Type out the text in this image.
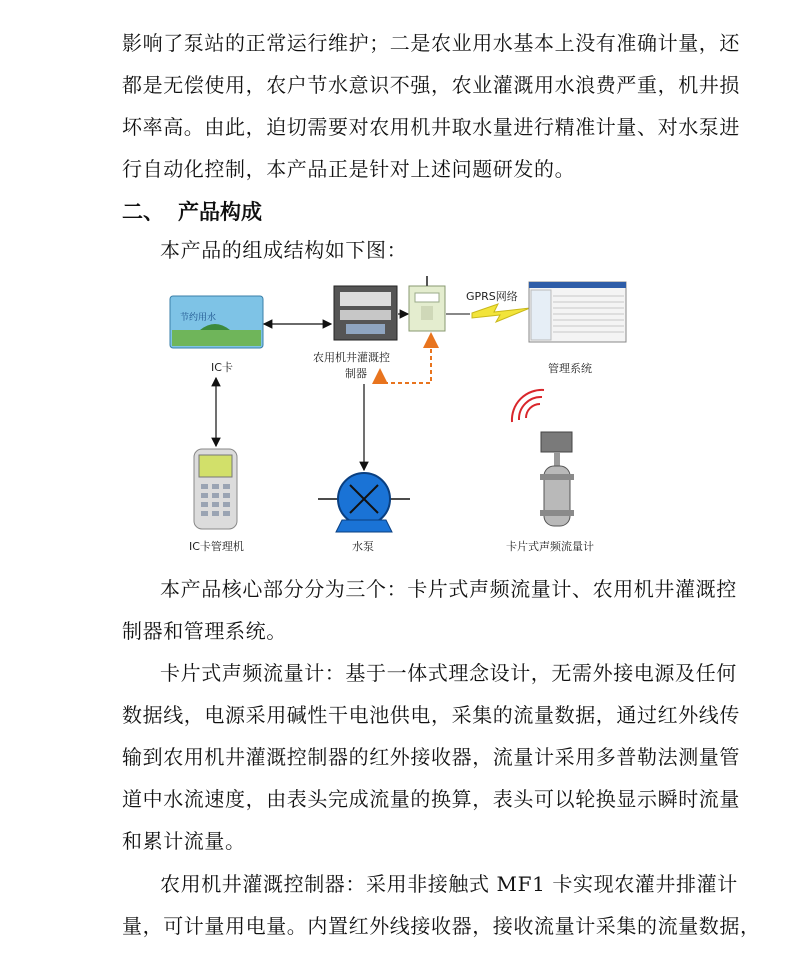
影响了泵站的正常运行维护；二是农业用水基本上没有准确计量，还
都是无偿使用，农户节水意识不强，农业灌溉用水浪费严重，机井损
坏率高。由此，迫切需要对农用机井取水量进行精准计量、对水泵进
行自动化控制，本产品正是针对上述问题研发的。
二、 产品构成
本产品的组成结构如下图：
节约用水
IC卡
农用机井灌溉控
制器
GPRS网络
管理系统
IC卡管理机	水泵	卡片式声频流量计
本产品核心部分分为三个：卡片式声频流量计、农用机井灌溉控
制器和管理系统。
卡片式声频流量计：基于一体式理念设计，无需外接电源及任何
数据线，电源采用碱性干电池供电，采集的流量数据，通过红外线传
输到农用机井灌溉控制器的红外接收器，流量计采用多普勒法测量管
道中水流速度，由表头完成流量的换算，表头可以轮换显示瞬时流量
和累计流量。
农用机井灌溉控制器：采用非接触式 MF1 卡实现农灌井排灌计
量，可计量用电量。内置红外线接收器，接收流量计采集的流量数据，
